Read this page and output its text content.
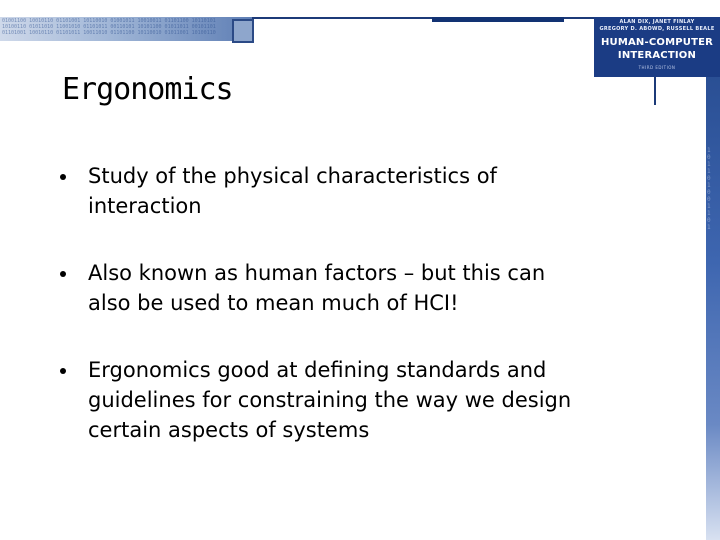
01001100 10010110 01101001 10110010 01001011 10010011 01101100 10110101
10100110 01011010 11001010 01101011 00110101 10101100 01011011 00101101
01101001 10010110 01101011 10011010 01101100 10110010 01011001 10100110
ALAN DIX, JANET FINLAY
GREGORY D. ABOWD, RUSSELL BEALE
HUMAN-COMPUTER
INTERACTION
THIRD EDITION
1
0
1
1
0
1
0
0
1
1
0
1
Ergonomics
Study of the physical characteristics of
interaction
Also known as human factors – but this can
also be used to mean much of HCI!
Ergonomics good at defining standards and
guidelines for constraining the way we design
certain aspects of systems
